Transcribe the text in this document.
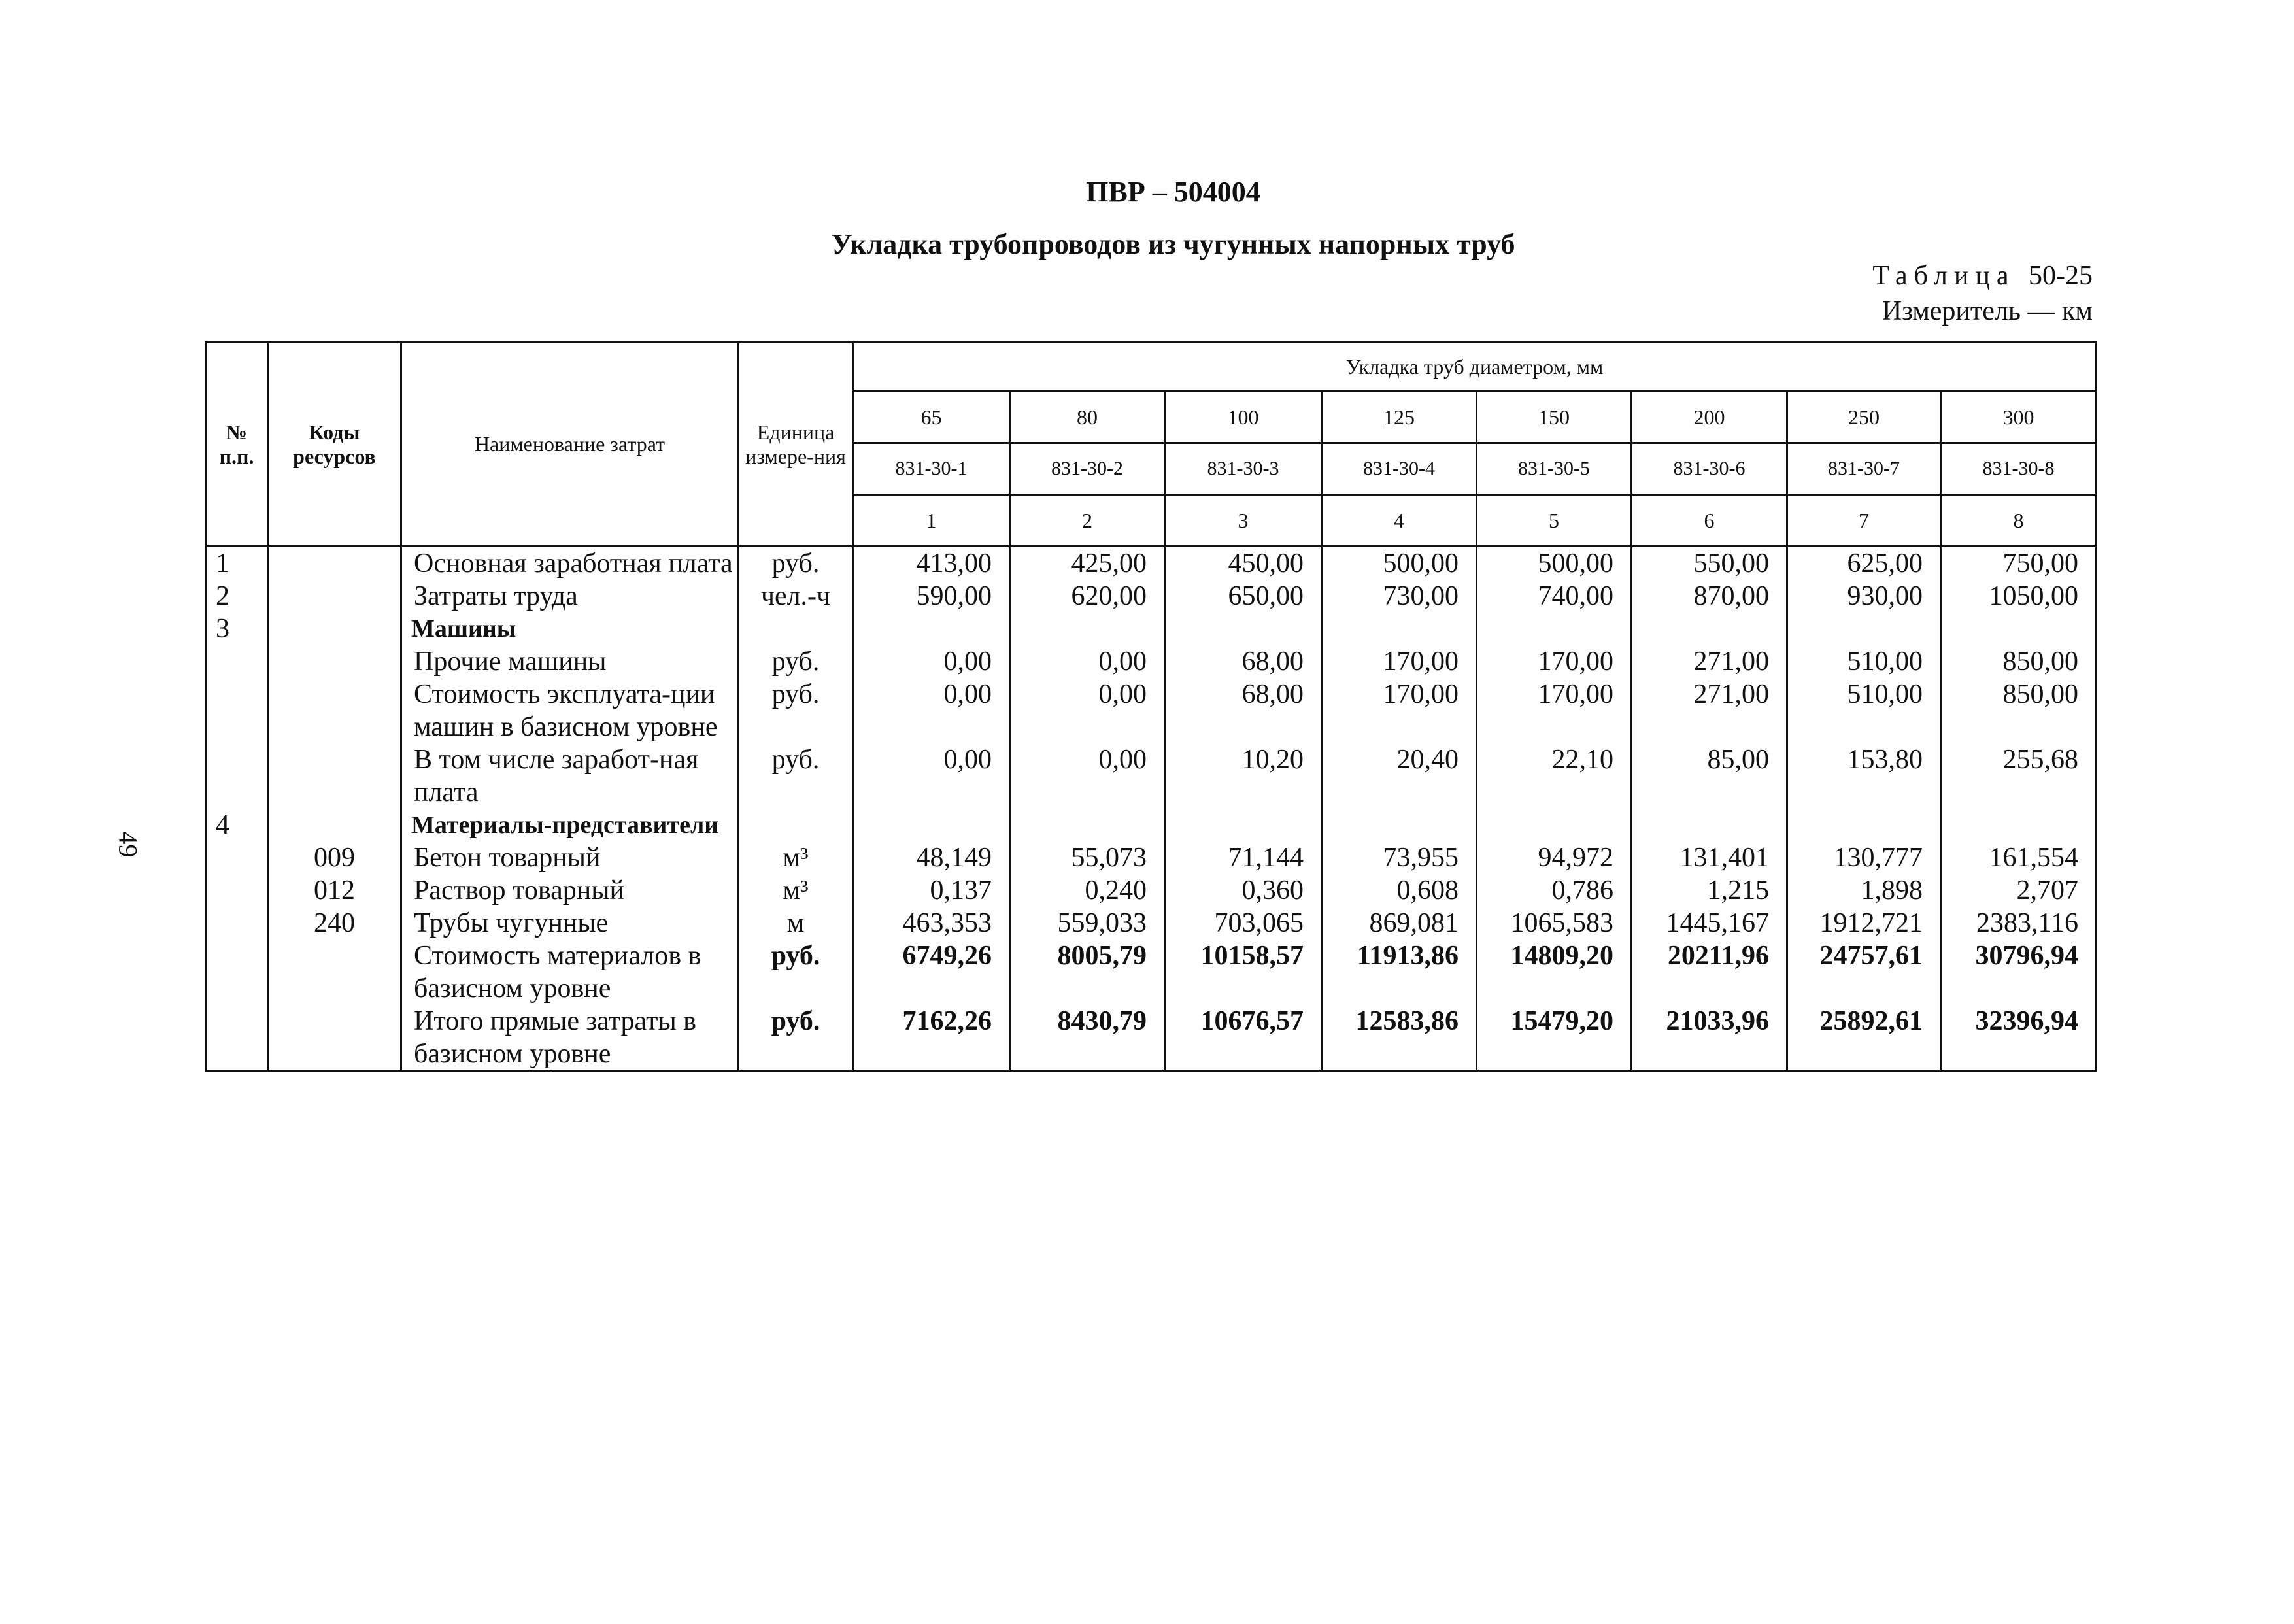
ПВР – 504004
Укладка трубопроводов из чугунных напорных труб
Таблица 50-25
Измеритель — км
49
№ п.п.	Коды ресурсов	Наименование затрат	Единица измере-ния	Укладка труб диаметром, мм							
				65	80	100	125	150	200	250	300
				831-30-1	831-30-2	831-30-3	831-30-4	831-30-5	831-30-6	831-30-7	831-30-8
				1	2	3	4	5	6	7	8
1		Основная заработная плата	руб.	413,00	425,00	450,00	500,00	500,00	550,00	625,00	750,00
2		Затраты труда	чел.-ч	590,00	620,00	650,00	730,00	740,00	870,00	930,00	1050,00
3		Машины									
		Прочие машины	руб.	0,00	0,00	68,00	170,00	170,00	271,00	510,00	850,00
		Стоимость эксплуата-ции машин в базисном уровне	руб.	0,00	0,00	68,00	170,00	170,00	271,00	510,00	850,00
		В том числе заработ-ная плата	руб.	0,00	0,00	10,20	20,40	22,10	85,00	153,80	255,68
4		Материалы-представители									
	009	Бетон товарный	м³	48,149	55,073	71,144	73,955	94,972	131,401	130,777	161,554
	012	Раствор товарный	м³	0,137	0,240	0,360	0,608	0,786	1,215	1,898	2,707
	240	Трубы чугунные	м	463,353	559,033	703,065	869,081	1065,583	1445,167	1912,721	2383,116
		Стоимость материалов в базисном уровне	руб.	6749,26	8005,79	10158,57	11913,86	14809,20	20211,96	24757,61	30796,94
		Итого прямые затраты в базисном уровне	руб.	7162,26	8430,79	10676,57	12583,86	15479,20	21033,96	25892,61	32396,94
